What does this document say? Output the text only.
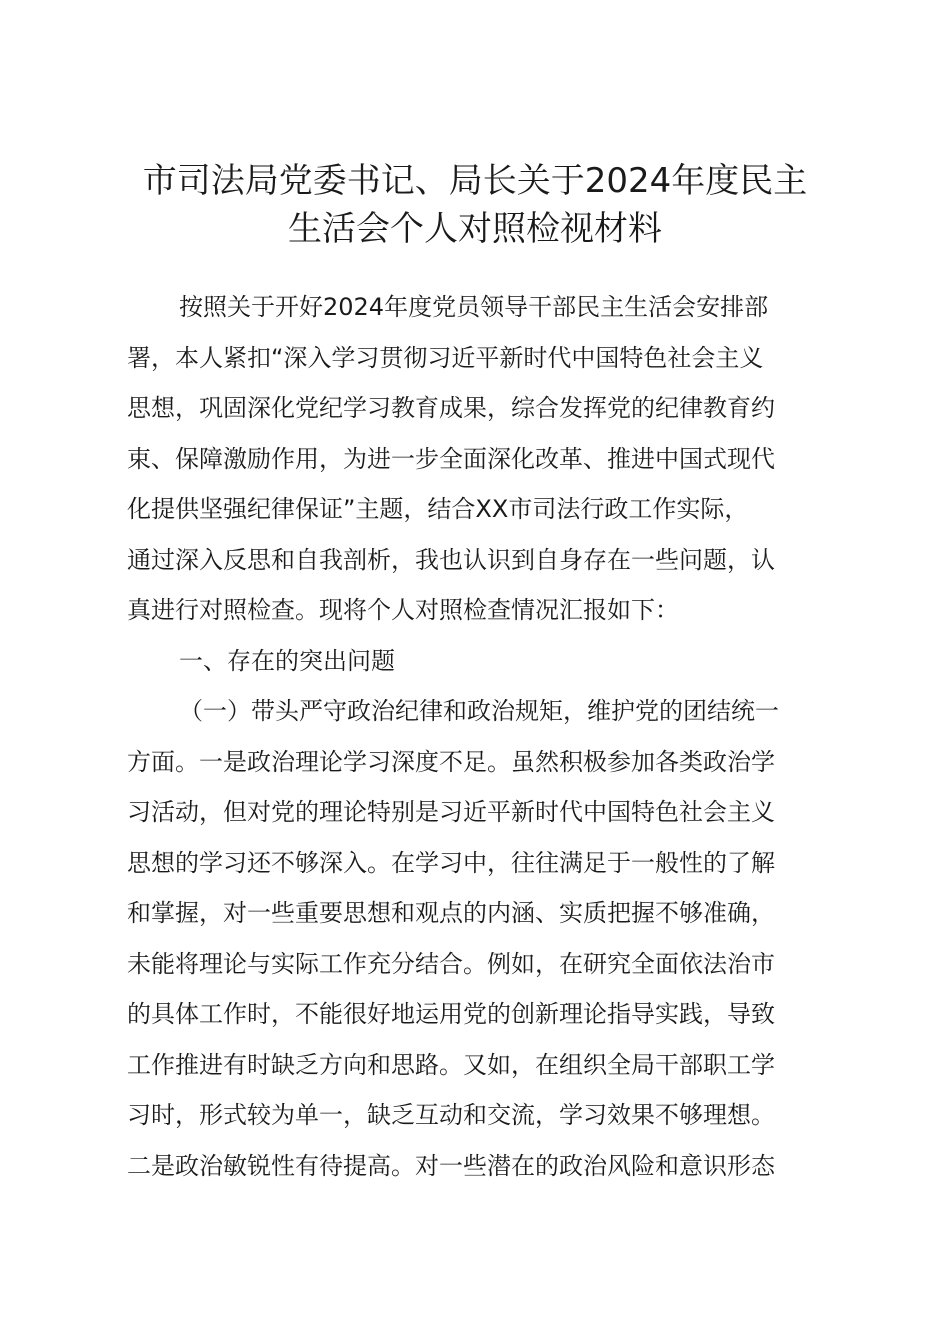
市司法局党委书记、局长关于2024年度民主
生活会个人对照检视材料
按照关于开好2024年度党员领导干部民主生活会安排部
署，本人紧扣“深入学习贯彻习近平新时代中国特色社会主义
思想，巩固深化党纪学习教育成果，综合发挥党的纪律教育约
束、保障激励作用，为进一步全面深化改革、推进中国式现代
化提供坚强纪律保证”主题，结合XX市司法行政工作实际，
通过深入反思和自我剖析，我也认识到自身存在一些问题，认
真进行对照检查。现将个人对照检查情况汇报如下：
一、存在的突出问题
（一）带头严守政治纪律和政治规矩，维护党的团结统一
方面。一是政治理论学习深度不足。虽然积极参加各类政治学
习活动，但对党的理论特别是习近平新时代中国特色社会主义
思想的学习还不够深入。在学习中，往往满足于一般性的了解
和掌握，对一些重要思想和观点的内涵、实质把握不够准确，
未能将理论与实际工作充分结合。例如，在研究全面依法治市
的具体工作时，不能很好地运用党的创新理论指导实践，导致
工作推进有时缺乏方向和思路。又如，在组织全局干部职工学
习时，形式较为单一，缺乏互动和交流，学习效果不够理想。
二是政治敏锐性有待提高。对一些潜在的政治风险和意识形态
